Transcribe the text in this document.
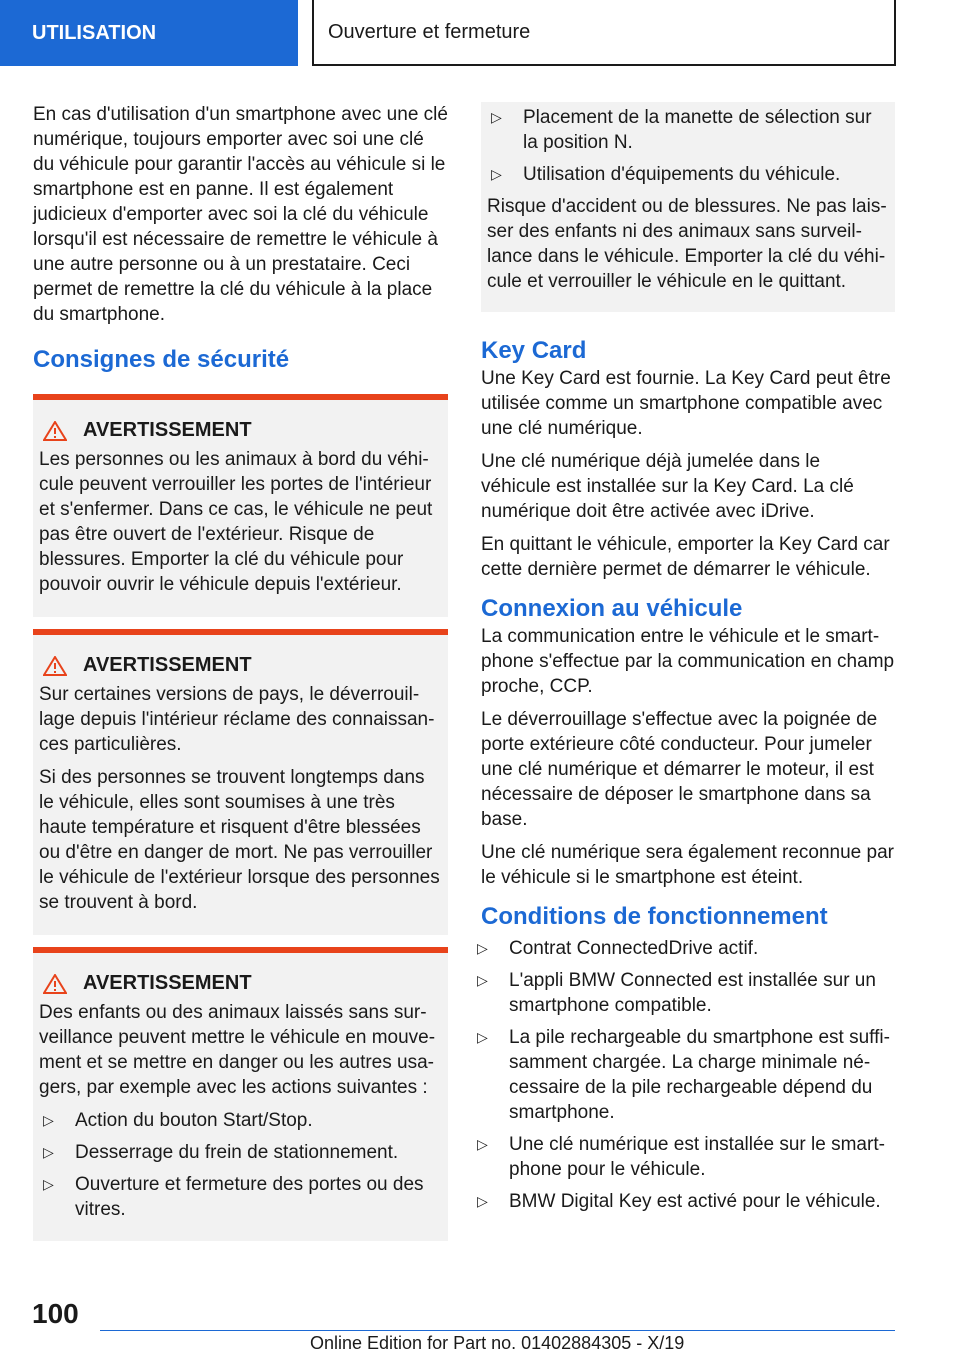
UTILISATION	Ouverture et fermeture

En cas d'utilisation d'un smartphone avec une clé numérique, toujours emporter avec soi une clé du véhicule pour garantir l'accès au véhicule si le smartphone est en panne. Il est également judicieux d'emporter avec soi la clé du véhicule lorsqu'il est nécessaire de remettre le véhicule à une autre personne ou à un prestataire. Ceci permet de remettre la clé du véhicule à la place du smartphone.

Consignes de sécurité
AVERTISSEMENT

Les personnes ou les animaux à bord du véhicule peuvent verrouiller les portes de l'intérieur et s'enfermer. Dans ce cas, le véhicule ne peut pas être ouvert de l'extérieur. Risque de blessures. Emporter la clé du véhicule pour pouvoir ouvrir le véhicule depuis l'extérieur.

AVERTISSEMENT

Sur certaines versions de pays, le déverrouillage depuis l'intérieur réclame des connaissances particulières.

Si des personnes se trouvent longtemps dans le véhicule, elles sont soumises à une très haute température et risquent d'être blessées ou d'être en danger de mort. Ne pas verrouiller le véhicule de l'extérieur lorsque des personnes se trouvent à bord.

AVERTISSEMENT

Des enfants ou des animaux laissés sans surveillance peuvent mettre le véhicule en mouvement et se mettre en danger ou les autres usagers, par exemple avec les actions suivantes :

▷ Action du bouton Start/Stop.
▷ Desserrage du frein de stationnement.
▷ Ouverture et fermeture des portes ou des vitres.
▷ Placement de la manette de sélection sur la position N.
▷ Utilisation d'équipements du véhicule.

Risque d'accident ou de blessures. Ne pas laisser des enfants ni des animaux sans surveillance dans le véhicule. Emporter la clé du véhicule et verrouiller le véhicule en le quittant.

Key Card

Une Key Card est fournie. La Key Card peut être utilisée comme un smartphone compatible avec une clé numérique.

Une clé numérique déjà jumelée dans le véhicule est installée sur la Key Card. La clé numérique doit être activée avec iDrive.

En quittant le véhicule, emporter la Key Card car cette dernière permet de démarrer le véhicule.

Connexion au véhicule

La communication entre le véhicule et le smartphone s'effectue par la communication en champ proche, CCP.

Le déverrouillage s'effectue avec la poignée de porte extérieure côté conducteur. Pour jumeler une clé numérique et démarrer le moteur, il est nécessaire de déposer le smartphone dans sa base.

Une clé numérique sera également reconnue par le véhicule si le smartphone est éteint.

Conditions de fonctionnement
▷ Contrat ConnectedDrive actif.
▷ L'appli BMW Connected est installée sur un smartphone compatible.
▷ La pile rechargeable du smartphone est suffisamment chargée. La charge minimale nécessaire de la pile rechargeable dépend du smartphone.
▷ Une clé numérique est installée sur le smartphone pour le véhicule.
▷ BMW Digital Key est activé pour le véhicule.
100
Online Edition for Part no. 01402884305 - X/19
